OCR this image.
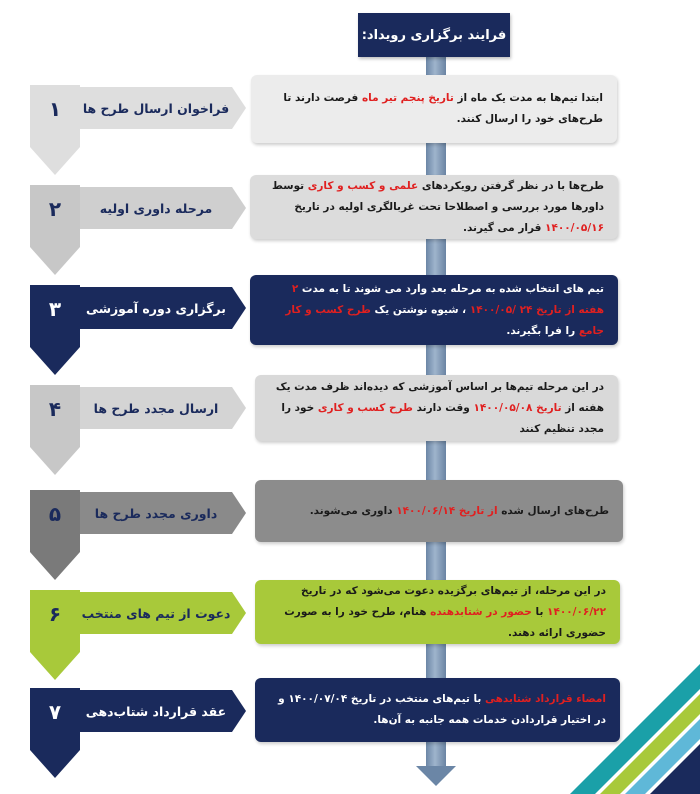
فرایند برگزاری رویداد:
۱	فراخوان ارسال طرح ها

ابتدا تیم‌ها به مدت یک ماه از تاریخ پنجم تیر ماه فرصت دارند تا طرح‌های خود را ارسال کنند.

۲	مرحله داوری اولیه

طرح‌ها با در نظر گرفتن رویکردهای علمی و کسب و کاری توسط داورها مورد بررسی و اصطلاحا تحت غربالگری اولیه در تاریخ ۱۴۰۰/۰۵/۱۶ قرار می گیرند.

۳	برگزاری دوره آموزشی

تیم های انتخاب شده به مرحله بعد وارد می شوند تا به مدت ۲ هفته از تاریخ ۲۴ /۱۴۰۰/۰۵ ، شیوه نوشتن یک طرح کسب و کار جامع را فرا بگیرند.

۴	ارسال مجدد طرح ها

در این مرحله تیم‌ها بر اساس آموزشی که دیده‌اند ظرف مدت یک هفته از تاریخ ۱۴۰۰/۰۵/۰۸ وقت دارند طرح کسب و کاری خود را مجدد تنظیم کنند

۵	داوری مجدد طرح ها	طرح‌های ارسال شده از تاریخ ۱۴۰۰/۰۶/۱۴ داوری می‌شوند.

۶	دعوت از تیم های منتخب

در این مرحله، از تیم‌های برگزیده دعوت می‌شود که در تاریخ ۱۴۰۰/۰۶/۲۲ با حضور در شتابدهنده هنام، طرح خود را به صورت حضوری ارائه دهند.

۷	عقد قرارداد شتاب‌دهی

امضاء قرارداد شتابدهی با تیم‌های منتخب در تاریخ ۱۴۰۰/۰۷/۰۴ و در اختیار قراردادن خدمات همه جانبه به آن‌ها.
